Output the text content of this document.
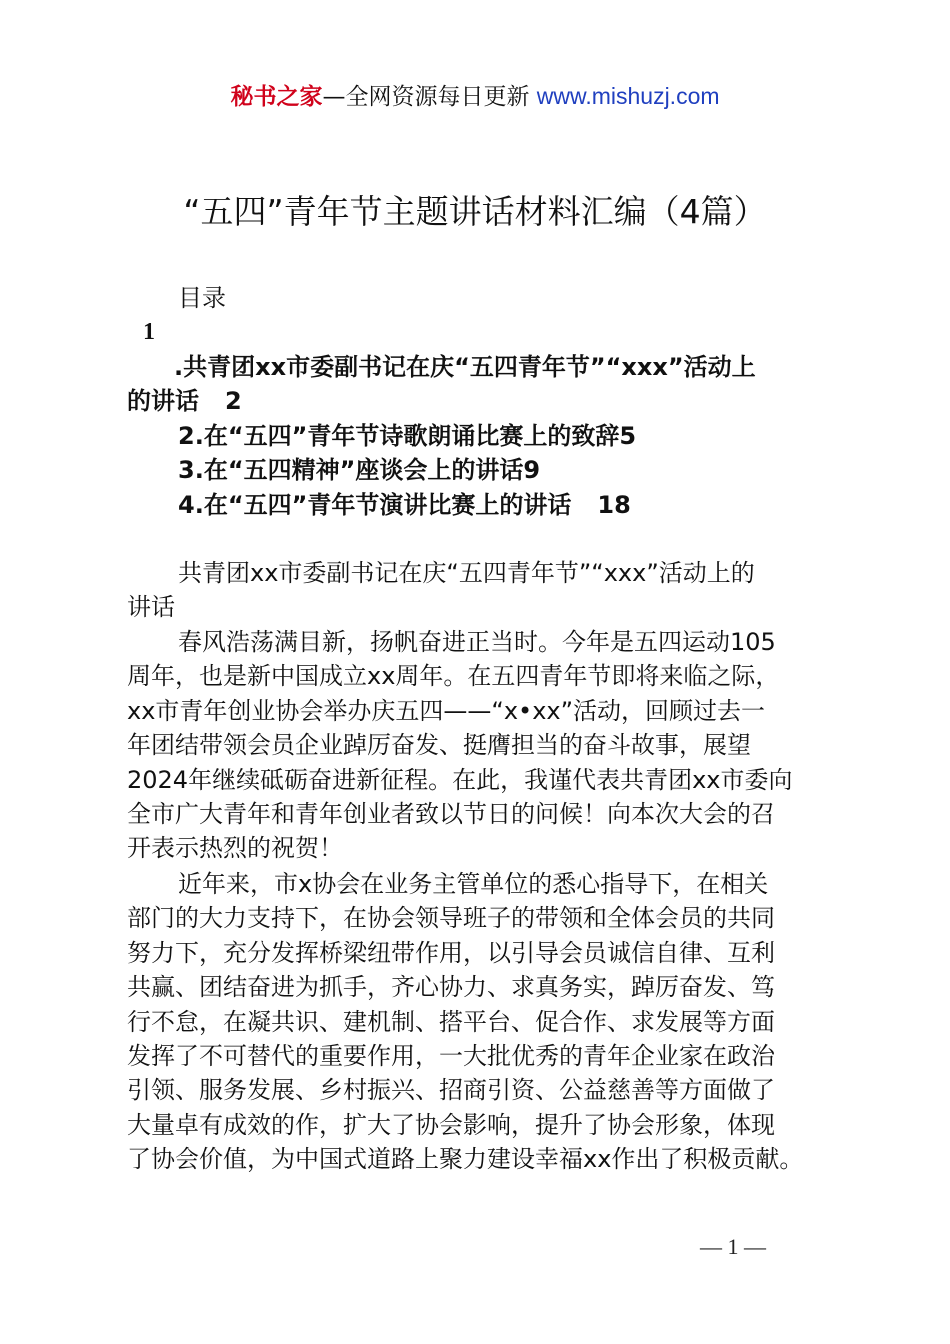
秘书之家—全网资源每日更新 www.mishuzj.com
“五四”青年节主题讲话材料汇编（4篇）
目录
1
.共青团xx市委副书记在庆“五四青年节”“xxx”活动上
的讲话 2
2.在“五四”青年节诗歌朗诵比赛上的致辞5
3.在“五四精神”座谈会上的讲话9
4.在“五四”青年节演讲比赛上的讲话 18
共青团xx市委副书记在庆“五四青年节”“xxx”活动上的
讲话
春风浩荡满目新，扬帆奋进正当时。今年是五四运动105
周年，也是新中国成立xx周年。在五四青年节即将来临之际，
xx市青年创业协会举办庆五四——“x•xx”活动，回顾过去一
年团结带领会员企业踔厉奋发、挺膺担当的奋斗故事，展望
2024年继续砥砺奋进新征程。在此，我谨代表共青团xx市委向
全市广大青年和青年创业者致以节日的问候！向本次大会的召
开表示热烈的祝贺！
近年来，市x协会在业务主管单位的悉心指导下，在相关
部门的大力支持下，在协会领导班子的带领和全体会员的共同
努力下，充分发挥桥梁纽带作用，以引导会员诚信自律、互利
共赢、团结奋进为抓手，齐心协力、求真务实，踔厉奋发、笃
行不怠，在凝共识、建机制、搭平台、促合作、求发展等方面
发挥了不可替代的重要作用，一大批优秀的青年企业家在政治
引领、服务发展、乡村振兴、招商引资、公益慈善等方面做了
大量卓有成效的作，扩大了协会影响，提升了协会形象，体现
了协会价值，为中国式道路上聚力建设幸福xx作出了积极贡献。
— 1 —
